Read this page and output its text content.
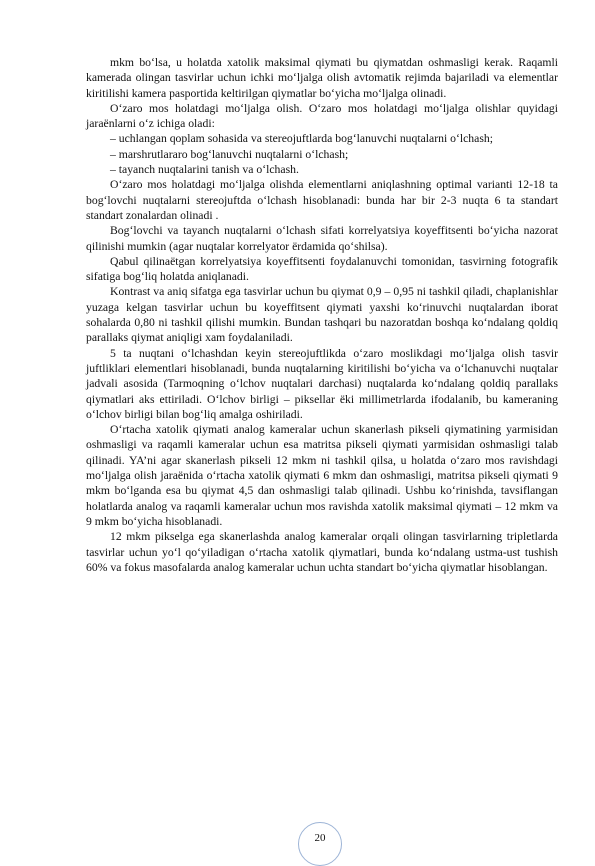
mkm bo‘lsa, u holatda xatolik maksimal qiymati bu qiymatdan oshmasligi kerak. Raqamli kamerada olingan tasvirlar uchun ichki mo‘ljalga olish avtomatik rejimda bajariladi va elementlar kiritilishi kamera pasportida keltirilgan qiymatlar bo‘yicha mo‘ljalga olinadi.

O‘zaro mos holatdagi mo‘ljalga olish. O‘zaro mos holatdagi mo‘ljalga olishlar quyidagi jaraёnlarni o‘z ichiga oladi:

– uchlangan qoplam sohasida va stereojuftlarda bog‘lanuvchi nuqtalarni o‘lchash;

– marshrutlararo bog‘lanuvchi nuqtalarni o‘lchash;

– tayanch nuqtalarini tanish va o‘lchash.

O‘zaro mos holatdagi mo‘ljalga olishda elementlarni aniqlashning optimal varianti 12-18 ta bog‘lovchi nuqtalarni stereojuftda o‘lchash hisoblanadi: bunda har bir 2-3 nuqta 6 ta standart standart zonalardan olinadi .

Bog‘lovchi va tayanch nuqtalarni o‘lchash sifati korrelyatsiya koyeffitsenti bo‘yicha nazorat qilinishi mumkin (agar nuqtalar korrelyator ёrdamida qo‘shilsa).

Qabul qilinaёtgan korrelyatsiya koyeffitsenti foydalanuvchi tomonidan, tasvirning fotografik sifatiga bog‘liq holatda aniqlanadi.

Kontrast va aniq sifatga ega tasvirlar uchun bu qiymat 0,9 – 0,95 ni tashkil qiladi, chaplanishlar yuzaga kelgan tasvirlar uchun bu koyeffitsent qiymati yaxshi ko‘rinuvchi nuqtalardan iborat sohalarda 0,80 ni tashkil qilishi mumkin. Bundan tashqari bu nazoratdan boshqa ko‘ndalang qoldiq parallaks qiymat aniqligi xam foydalaniladi.

5 ta nuqtani o‘lchashdan keyin stereojuftlikda o‘zaro moslikdagi mo‘ljalga olish tasvir juftliklari elementlari hisoblanadi, bunda nuqtalarning kiritilishi bo‘yicha va o‘lchanuvchi nuqtalar jadvali asosida (Tarmoqning o‘lchov nuqtalari darchasi) nuqtalarda ko‘ndalang qoldiq parallaks qiymatlari aks ettiriladi. O‘lchov birligi – piksellar ёki millimetrlarda ifodalanib, bu kameraning o‘lchov birligi bilan bog‘liq amalga oshiriladi.

O‘rtacha xatolik qiymati analog kameralar uchun skanerlash pikseli qiymatining yarmisidan oshmasligi va raqamli kameralar uchun esa matritsa pikseli qiymati yarmisidan oshmasligi talab qilinadi. YA’ni agar skanerlash pikseli 12 mkm ni tashkil qilsa, u holatda o‘zaro mos ravishdagi mo‘ljalga olish jaraёnida o‘rtacha xatolik qiymati 6 mkm dan oshmasligi, matritsa pikseli qiymati 9 mkm bo‘lganda esa bu qiymat 4,5 dan oshmasligi talab qilinadi. Ushbu ko‘rinishda, tavsiflangan holatlarda analog va raqamli kameralar uchun mos ravishda xatolik maksimal qiymati – 12 mkm va 9 mkm bo‘yicha hisoblanadi.

12 mkm pikselga ega skanerlashda analog kameralar orqali olingan tasvirlarning tripletlarda tasvirlar uchun yo‘l qo‘yiladigan o‘rtacha xatolik qiymatlari, bunda ko‘ndalang ustma-ust tushish 60% va fokus masofalarda analog kameralar uchun uchta standart bo‘yicha qiymatlar hisoblangan.

20
